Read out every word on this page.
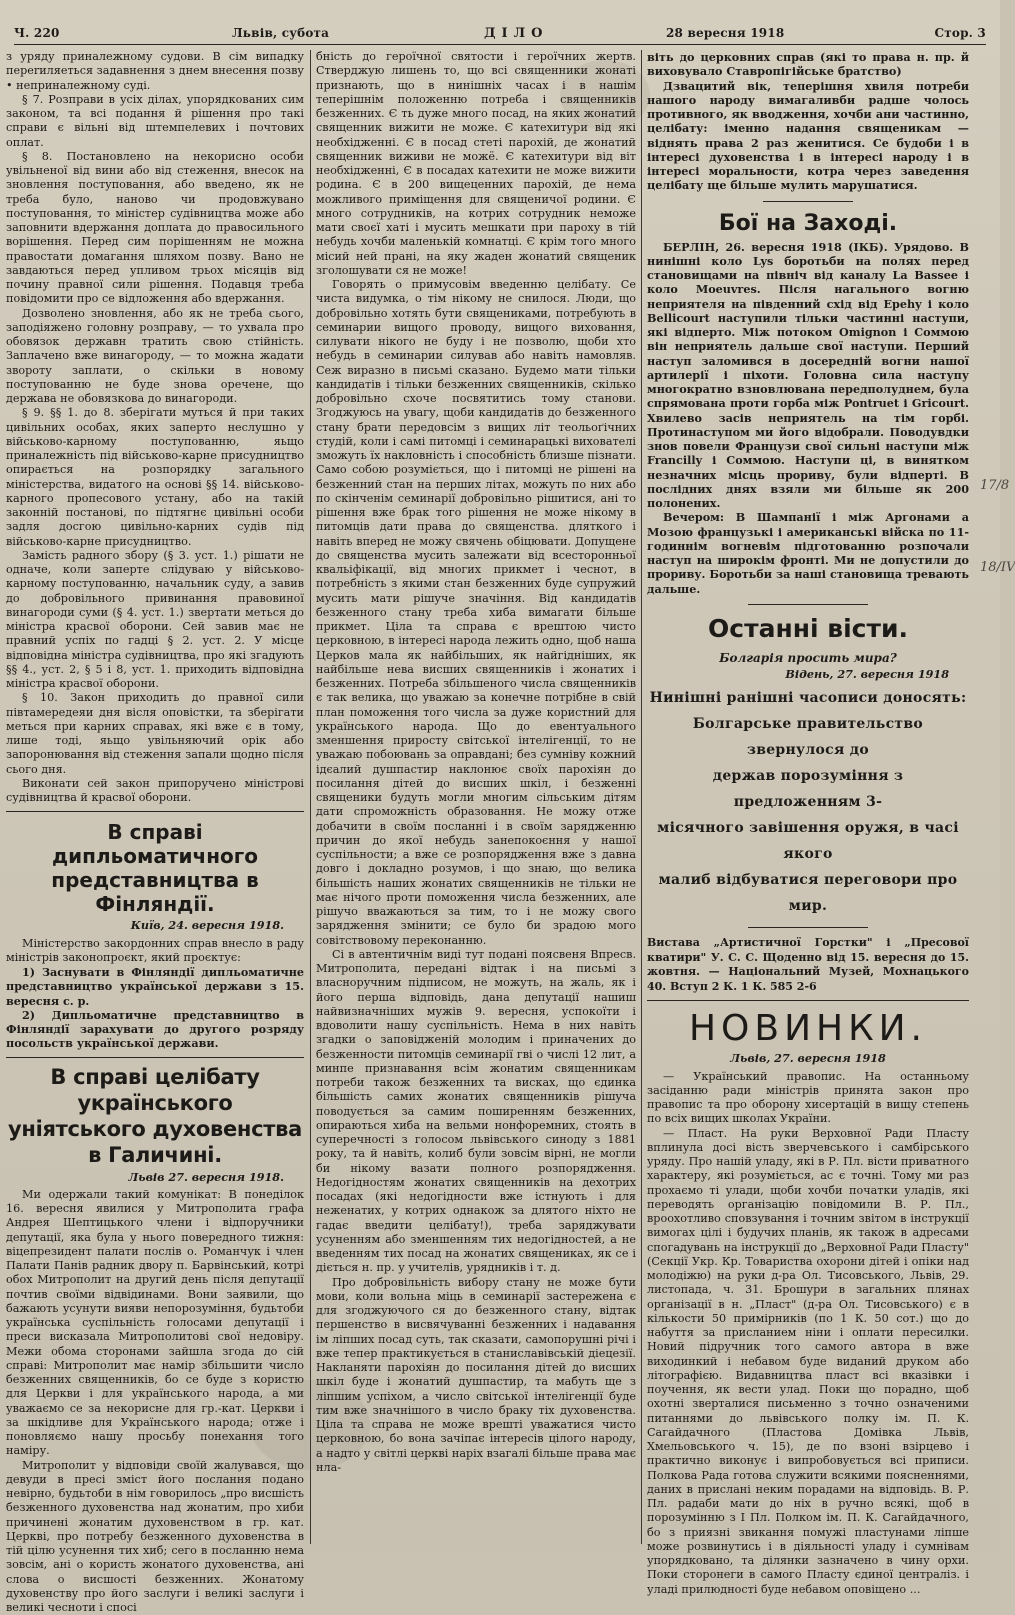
Ч. 220	Львів, субота	ДІЛО	28 вересня 1918	Стор. 3

з уряду приналежному судови. В сім випадку переrиляеться задавнення з днем внесення позву • неприналежному суді.

§ 7. Розправи в усіх ділах, упорядкованих сим законом, та всі подання й рішення про такі справи є вільні від штемпелевих і почтових оплат.

§ 8. Постановлено на некорисно особи увільненої від вини або від стеження, внесок на зновлення поступовання, або введено, як не треба було, наново чи продовжувано поступовання, то міністер судівництва може або заповнити вдержання доплата до правосильного ворішення. Перед сим порішенням не можна правостати домагання шляхом позву. Вано не завдаються перед упливом трьох місяців від почину правної сили рішення. Подавця треба повідомити про се відложення або вдержання.

Дозволено зновлення, або як не треба сього, заподіяжено головну розправу, — то ухвала про обовязок державн тратить свою стійність. Заплачено вже винагороду, — то можна жадати звороту заплати, о скільки в новому поступованню не буде знова оречене, що держава не обовязкова до винагороди.

§ 9. §§ 1. до 8. зберігати муться й при таких цивільних особах, яких заперто неслушно у військово-карному поступованню, яьщо приналежність під військово-карне присудництво опирається на розпорядку загального міністерства, видатого на основі §§ 14. військово-карного пропесового устану, або на такій законній постанові, по підтягнє цивільні особи задля досгою цивільно-карних судів під військово-карне присудництво.

Замість радного збору (§ 3. уст. 1.) рішати не одначе, коли заперте слідуваю у військово-карному поступованню, начальник суду, а завив до добровільного привинання правовиної винагороди суми (§ 4. уст. 1.) звертати меться до міністра красвої оборони. Сей завив має не правний успіх по гадці § 2. уст. 2. У місце відповідна міністра судівництва, про які згадують §§ 4., уст. 2, § 5 і 8, уст. 1. приходить відповідна міністра красвої оборони.

§ 10. Закон приходить до правної сили півтамередеяи дня вісля оповістки, та зберігати меться при карних справах, які вже є в тому, лише тоді, яьщо увільняючий орік або запоронювання від стеження запали щодно після сього дня.

Виконати сей закон припоручено міністрові судівництва й красвої оборони.

В справі дипльоматичного представництва в Фінляндії.
Київ, 24. вересня 1918.

Міністерство закордонних справ внесло в раду міністрів законопроєкт, який проєктує:

1) Заснувати в Фінляндії дипльоматичне представництво української держави з 15. вересня с. р.

2) Дипльоматичне представництво в Фінляндії зарахувати до другого розряду посольств української держави.

В справі целібату українського уніятського духовенства в Галичині.
Львів 27. вересня 1918.

Ми одержали такий комунікат: В понеділок 16. вересня явилися у Митрополита графа Андрея Шептицького члени і відпоручники депутації, яка була у нього повередного тижня: віцепрезидент палати послів о. Романчук і член Палати Панів радник двору п. Барвінський, котрі обох Митрополит на другий день після депутації почтив своїми відвідинами. Вони заявили, що бажають усунути вияви непорозуміння, будьтоби українська суспільність голосами депутації і преси висказала Митрополитові свої недовіру. Межи обома сторонами зайшла згода до сій справі: Митрополит має намір збільшити число безженних священників, бо се буде з користю для Церкви і для українського народа, а ми уважаємо се за некорисне для гр.-кат. Церкви і за шкідливе для Українського народа; отже і поновляємо нашу просьбу понехання того наміру.

Митрополит у відповіди своїй жалувався, що девуди в пресі зміст його послання подано невірно, будьтоби в нім говорилось „про висшість безженного духовенства над жонатим, про хиби причинені жонатим духовенством в гр. кат. Церкві, про потребу безженного духовенства в тій цілю усунення тих хиб; сего в посланню нема зовсім, ані о користь жонатого духовенства, ані слова о висшості безженних. Жонатому духовенству про його заслуги і великі заслуги і великі чесноти і спосі

бність до героїчної святости і героїчних жертв. Стверджую лишень то, що всі священники жонаті признають, що в нинішніх часах і в нашім теперішнім положенню потреба і священників безженних. Є ть дуже много посад, на яких жонатий священник вижити не може. Є катехитури від які необхідженні. Є в посад стеті парохій, де жонатий священник виживи не можё. Є катехитури від віт необхідженні, Є в посадах катехити не може вижити родина. Є в 200 вищеценних парохій, де нема можливого приміщення для священичої родини. Є много сотрудників, на котрих сотрудник неможе мати своєї хаті і мусить мешкати при пароху в тій небудь хочби маленькій комнатці. Є крім того много місий ней прані, на яку жаден жонатий священик зголошувати ся не може!

Говорять о примусовім введенню целібату. Се чиста видумка, о тім нікому не снилося. Люди, що добровільно хотять бути священиками, потребують в семинарии вищого проводу, вищого виховання, силувати нікого не буду і не позволю, щоби хто небудь в семинарии силував або навіть намовляв. Сеж виразно в письмі сказано. Будемо мати тільки кандидатів і тільки безженних священників, скілько добровільно схоче посвятитись тому станови. Згоджуюсь на увагу, щоби кандидатів до безженного стану брати передовсім з вищих літ теольоґічних студій, коли і самі питомці і семинарацькі вихователі зможуть їх накловність і способність близше пізнати. Само собою розуміється, що і питомці не рішені на безженний стан на перших літах, можуть по них або по скінченім семинарії добровільно рішитися, ані то рішення вже брак того рішення не може нікому в питомців дати права до священства. дляткого і навіть вперед не можу свячень обіцювати. Допущене до священства мусить залежати від всесторонньої квальіфікації, від многих прикмет і чеснот, в потребність з якими стан безженних буде супружий мусить мати рішуче значіння. Від кандидатів безженного стану треба хиба вимагати більше прикмет. Ціла та справа є врештою чисто церковною, в інтересі народа лежить одно, щоб наша Церков мала як найбільших, як найгідніших, як найбільше нева висших священників і жонатих і безженних. Потреба збільшеного числа священників є так велика, що уважаю за конечне потрібне в свій план поможення того числа за дуже користний для українського народа. Що до евентуального зменшення приросту світської інтелігенції, то не уважаю побоювань за оправдані; без сумніву кожний ідєалий душпастир наклонює своїх парохіян до посилання дітей до висших шкіл, і безженні священики будуть могли многим сільським дітям дати спроможність образовання. Не можу отже добачити в своїм посланні і в своїм зарядженню причин до якої небудь занепокоєння у нашої суспільности; а вже се розпорядження вже з давна довго і докладно розумов, і що знаю, що велика більшість наших жонатих священників не тільки не має нічого проти поможення числа безженних, але рішучо вважаються за тим, то і не можу свого зарядження змінити; се було би зрадою мого совітствовому переконанню.

Сі в автентичнім виді тут подані поясвеня Впресв. Митрополита, передані відтак і на письмі з власноручним підписом, не можуть, на жаль, як і його перша відповідь, дана депутації нашиш найвизначніших мужів 9. вересня, успокоїти і вдоволити нашу суспільність. Нема в них навіть згадки о заповідженій молодим і приначених до безженности питомців семинарії гві о числі 12 лит, а минпе признавання всім жонатим священникам потреби також безженних та висках, що єдинка більшість самих жонатих священників рішуча поводується за самим поширенням безженних, опираються хиба на вельми нонфоремних, стоять в суперечності з голосом львівського синоду з 1881 року, та й навіть, колиб були зовсім вірні, не могли би нікому вазати полного розпорядження. Недогідностям жонатих священників на дехотрих посадах (які недогідности вже істнують і для неженатих, у котрих однакож за длятого ніхто не гадає введити целібату!), треба заряджувати усуненням або зменшенням тих недогідностей, а не введенням тих посад на жонатих священиках, як се і діється н. пр. у учителів, урядників і т. д.

Про добровільність вибору стану не може бути мови, коли вольна міць в семинарії застережена є для згоджуючого ся до безженного стану, відтак першенство в висвячуванні безженних і надавання ім ліпших посад суть, так сказати, самопорушні річі і вже тепер практикується в станиславівській діецезії. Накланяти парохіян до посилання дітей до висших шкіл буде і жонатий душпастир, та мабуть ще з ліпшим успіхом, а число світської інтелігенції буде тим вже значнішого в число браку тіх духовенства. Ціла та справа не може врешті уважатися чисто церковною, бо вона зачіпає інтересів цілого народу, а надто у світлі церкві наріх взагалі більше права має нла-

віть до церковних справ (які то права н. пр. й виховувало Ставропігійське братство)

Дзвацитий вік, теперішня хвиля потреби нашого народу вимагаливби радше чолось противного, як вводження, хочби ани частинно, целібату: іменно надання священикам — віднять права 2 раз женитися. Се будоби і в інтересі духовенства і в інтересі народу і в інтересі моральности, котра через заведення целібату ще більше мулить марушатися.

Бої на Заході.

БЕРЛІН, 26. вересня 1918 (ІКБ). Урядово. В нинішні коло Lys боротьби на полях перед становищами на північ від каналу La Bassee і коло Moeuvres. Після нагального вогню неприятеля на південний схід від Epehy і коло Bellicourt наступили тільки частинні наступи, які відперто. Між потоком Omignon і Соммою він неприятель дальше свої наступи. Перший наступ заломився в досередній вогни нашої артилерії і піхоти. Головна сила наступу многократно взновлювана передполуднем, була спрямована проти горба між Pontruet і Gricourt. Хвилево засів неприятель на тім горбі. Протинаступом ми його відобрали. Поводувдки знов повели Французи свої сильні наступи між Francilly і Соммою. Наступи ці, в винятком незначних місць прориву, були відперті. В послідних днях взяли ми більше як 200 полонених.

Вечером: В Шампанії і між Аргонами а Мозою французькі і американські війска по 11-годиннім вогневім підготованню розпочали наступ на широкім фронті. Ми не допустили до прориву. Боротьби за наші становища тревають дальше.

Останні вісти.
Болгарія просить мира?
Відень, 27. вересня 1918
Нинішні ранішні часописи доносять:
Болгарське правительство звернулося до
держав порозуміння з предложенням 3-
місячного завішення оружя, в часі якого
малиб відбуватися переговори про мир.
Виставa „Артистичної Горстки" і „Пресової кватири" У. С. С. Щоденно від 15. вересня до 15. жовтня. — Національний Музей, Мохнацького 40. Вступ 2 К. 1 К. 585 2-6
НОВИНКИ.
Львів, 27. вересня 1918

— Український правопис. На останньому засіданню ради міністрів принята закон про правопис та про оборону хисертацій в вищу степень по всіх вищих школах України.

— Пласт. На руки Верховної Ради Пласту вплинула досі вість зверчевського і самбірського уряду. Про нашій уладу, які в Р. Пл. вісти приватного характеру, які розуміється, ас є точні. Тому ми раз прохаємо ті улади, щоби хочби початки уладів, які переводять організацію повідомили В. Р. Пл., вроохотливо сповзування і точним звітом в інструкції вимогах цілі і будучих планів, як також в адресами спогадувань на інструкції до „Верховної Ради Пласту" (Секції Укр. Кр. Товариства охорони дітей і опіки над молодіжю) на руки д-ра Ол. Тисовського, Львів, 29. листопада, ч. 31. Брошури в загальних плянах організації в н. „Пласт" (д-ра Ол. Тисовського) є в кількости 50 примірників (по 1 К. 50 сот.) що до набуття за присланием ніни і оплати пересилки. Новий підручник того самого автора в вже виходинкий і небавом буде виданий друком або літографією. Видавництва пласт всі вказівки і поучення, як вести улад. Поки що порадно, щоб охотні зверталися письменно з точно означеними питаннями до львівського полку ім. П. К. Сагайдачного (Пластова Домівка Львів, Хмельовського ч. 15), де по взоні взірцево і практично виконує і випробовується всі приписи. Полкова Рада готова служити всякими поясненнями, даних в прислані неким порадами на відповідь. В. Р. Пл. радаби мати до ніх в ручно всякі, щоб в порозумінню з І Пл. Полком ім. П. К. Сагайдачного, бо з приязні звикання помужі пластунами ліпше може розвинутись і в діяльності уладу і сумнівам упорядковано, та ділянки зазначено в чину орхи. Поки сторонеги в самого Пласту єдиної централіз. і уладі прилюдності буде небавом оповіщено ...

17/8
18/IV
